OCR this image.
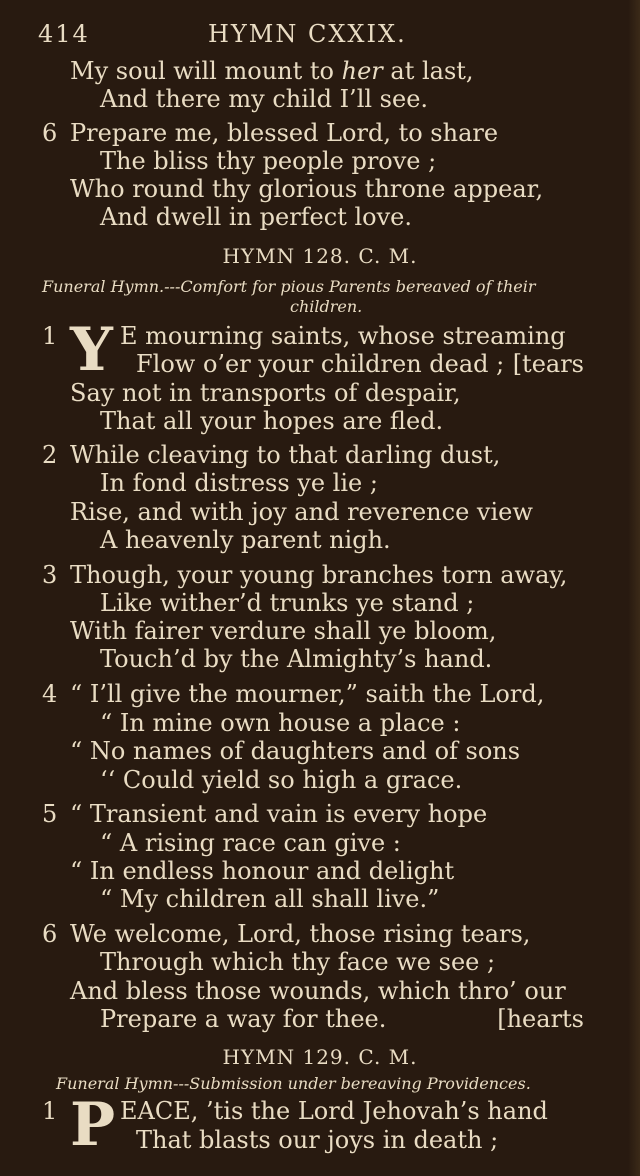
414	HYMN CXXIX.
My soul will mount to her at last,
And there my child I’ll see.
6 Prepare me, blessed Lord, to share
The bliss thy people prove ;
Who round thy glorious throne appear,
And dwell in perfect love.
HYMN 128. C. M.
Funeral Hymn.---Comfort for pious Parents bereaved of their
children.
Y
1	E mourning saints, whose streaming
Flow o’er your children dead ; [tears
Say not in transports of despair,
That all your hopes are fled.
2 While cleaving to that darling dust,
In fond distress ye lie ;
Rise, and with joy and reverence view
A heavenly parent nigh.
3 Though, your young branches torn away,
Like wither’d trunks ye stand ;
With fairer verdure shall ye bloom,
Touch’d by the Almighty’s hand.
4 “ I’ll give the mourner,” saith the Lord,
“ In mine own house a place :
“ No names of daughters and of sons
‘‘ Could yield so high a grace.
5 “ Transient and vain is every hope
“ A rising race can give :
“ In endless honour and delight
“ My children all shall live.”
6 We welcome, Lord, those rising tears,
Through which thy face we see ;
And bless those wounds, which thro’ our
Prepare a way for thee.	[hearts
HYMN 129. C. M.
Funeral Hymn---Submission under bereaving Providences.
P
1	EACE, ’tis the Lord Jehovah’s hand
That blasts our joys in death ;
